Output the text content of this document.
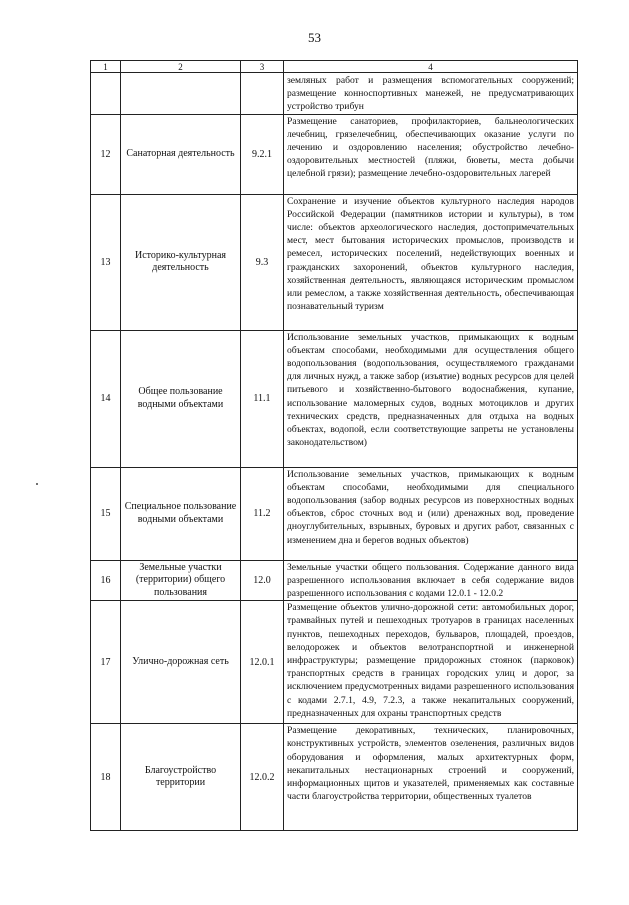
53
1	2	3	4
			земляных работ и размещения вспомогательных сооружений; размещение конноспортивных манежей, не предусматривающих устройство трибун
12	Санаторная деятельность	9.2.1	Размещение санаториев, профилакториев, бальнеологических лечебниц, грязелечебниц, обеспечивающих оказание услуги по лечению и оздоровлению населения; обустройство лечебно-оздоровительных местностей (пляжи, бюветы, места добычи целебной грязи); размещение лечебно-оздоровительных лагерей
13	Историко-культурная деятельность	9.3	Сохранение и изучение объектов культурного наследия народов Российской Федерации (памятников истории и культуры), в том числе: объектов археологического наследия, достопримечательных мест, мест бытования исторических промыслов, производств и ремесел, исторических поселений, недействующих военных и гражданских захоронений, объектов культурного наследия, хозяйственная деятельность, являющаяся историческим промыслом или ремеслом, а также хозяйственная деятельность, обеспечивающая познавательный туризм
14	Общее пользование водными объектами	11.1	Использование земельных участков, примыкающих к водным объектам способами, необходимыми для осуществления общего водопользования (водопользования, осуществляемого гражданами для личных нужд, а также забор (изъятие) водных ресурсов для целей питьевого и хозяйственно-бытового водоснабжения, купание, использование маломерных судов, водных мотоциклов и других технических средств, предназначенных для отдыха на водных объектах, водопой, если соответствующие запреты не установлены законодательством)
15	Специальное пользование водными объектами	11.2	Использование земельных участков, примыкающих к водным объектам способами, необходимыми для специального водопользования (забор водных ресурсов из поверхностных водных объектов, сброс сточных вод и (или) дренажных вод, проведение дноуглубительных, взрывных, буровых и других работ, связанных с изменением дна и берегов водных объектов)
16	Земельные участки (территории) общего пользования	12.0	Земельные участки общего пользования. Содержание данного вида разрешенного использования включает в себя содержание видов разрешенного использования с кодами 12.0.1 - 12.0.2
17	Улично-дорожная сеть	12.0.1	Размещение объектов улично-дорожной сети: автомобильных дорог, трамвайных путей и пешеходных тротуаров в границах населенных пунктов, пешеходных переходов, бульваров, площадей, проездов, велодорожек и объектов велотранспортной и инженерной инфраструктуры; размещение придорожных стоянок (парковок) транспортных средств в границах городских улиц и дорог, за исключением предусмотренных видами разрешенного использования с кодами 2.7.1, 4.9, 7.2.3, а также некапитальных сооружений, предназначенных для охраны транспортных средств
18	Благоустройство территории	12.0.2	Размещение декоративных, технических, планировочных, конструктивных устройств, элементов озеленения, различных видов оборудования и оформления, малых архитектурных форм, некапитальных нестационарных строений и сооружений, информационных щитов и указателей, применяемых как составные части благоустройства территории, общественных туалетов
